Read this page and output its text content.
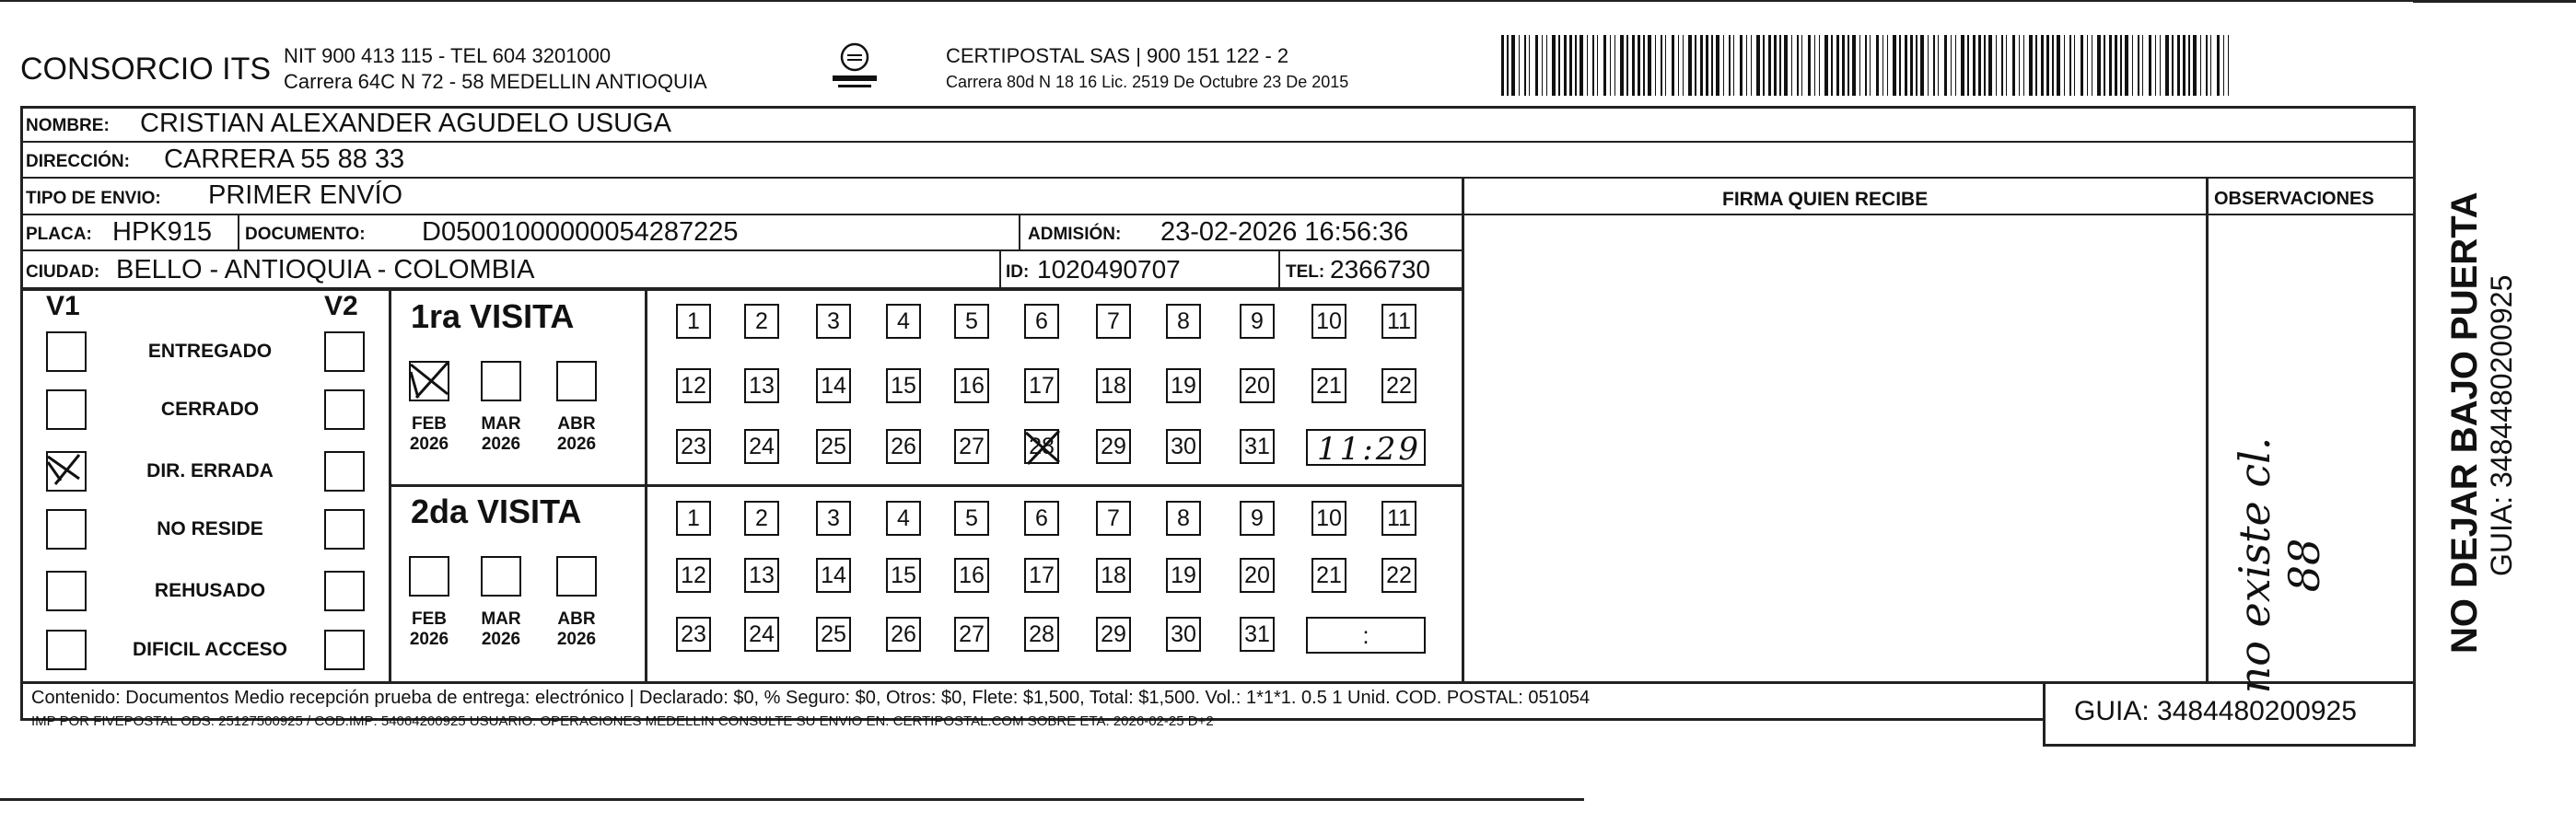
CONSORCIO ITS NIT 900 413 115 - TEL 604 3201000
Carrera 64C N 72 - 58 MEDELLIN ANTIOQUIA
CERTIPOSTAL SAS | 900 151 122 - 2
Carrera 80d N 18 16 Lic. 2519 De Octubre 23 De 2015
NOMBRE: CRISTIAN ALEXANDER AGUDELO USUGA
DIRECCIÓN: CARRERA 55 88 33
TIPO DE ENVIO: PRIMER ENVÍO	FIRMA QUIEN RECIBE	OBSERVACIONES
PLACA: HPK915 DOCUMENTO: D05001000000054287225	ADMISIÓN: 23-02-2026 16:56:36
CIUDAD: BELLO - ANTIOQUIA - COLOMBIA	ID: 1020490707	TEL: 2366730
V1	V2
ENTREGADO
CERRADO
DIR. ERRADA
NO RESIDE
REHUSADO
DIFICIL ACCESO
1ra VISITA
2da VISITA
FEB
2026
MAR
2026
ABR
2026
FEB
2026
MAR
2026
ABR
2026
1 2	3 4 5 6	7 8	9 10 11
12 13 14 15 16 17 18 19 20 21 22
23 24 25 26 27 28 29 30 31
1 2	3 4 5 6	7 8	9 10 11
12 13 14 15 16 17 18 19 20 21 22
23 24 25 26 27 28 29 30 31
11:29
:	no existe cl. 88
Contenido: Documentos Medio recepción prueba de entrega: electrónico | Declarado: $0, % Seguro: $0, Otros: $0, Flete: $1,500, Total: $1,500. Vol.: 1*1*1. 0.5 1 Unid. COD. POSTAL: 051054
IMP POR FIVEPOSTAL ODS: 25127500925 / COD.IMP: 54064200925 USUARIO: OPERACIONES MEDELLIN CONSULTE SU ENVIO EN: CERTIPOSTAL.COM SOBRE ETA: 2026-02-25 D+2	GUIA: 3484480200925
NO DEJAR BAJO PUERTA GUIA: 3484480200925
